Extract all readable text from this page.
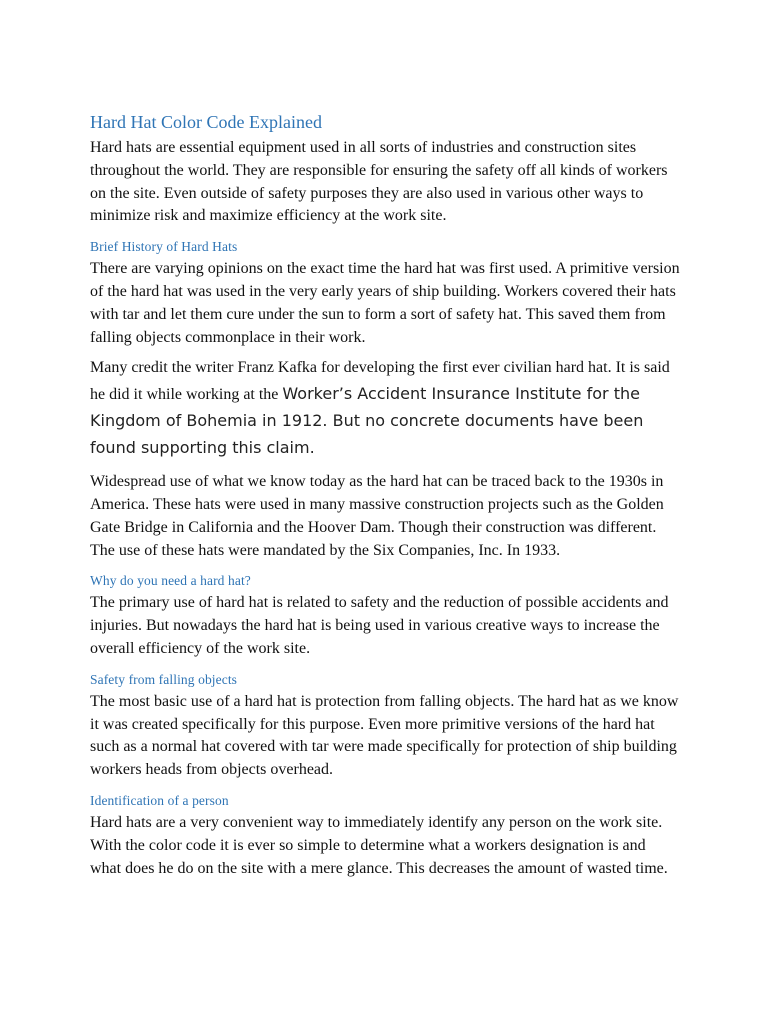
Hard Hat Color Code Explained

Hard hats are essential equipment used in all sorts of industries and construction sites throughout the world. They are responsible for ensuring the safety off all kinds of workers on the site. Even outside of safety purposes they are also used in various other ways to minimize risk and maximize efficiency at the work site.

Brief History of Hard Hats

There are varying opinions on the exact time the hard hat was first used. A primitive version of the hard hat was used in the very early years of ship building. Workers covered their hats with tar and let them cure under the sun to form a sort of safety hat. This saved them from falling objects commonplace in their work.

Many credit the writer Franz Kafka for developing the first ever civilian hard hat. It is said he did it while working at the Worker’s Accident Insurance Institute for the Kingdom of Bohemia in 1912. But no concrete documents have been found supporting this claim.

Widespread use of what we know today as the hard hat can be traced back to the 1930s in America. These hats were used in many massive construction projects such as the Golden Gate Bridge in California and the Hoover Dam. Though their construction was different. The use of these hats were mandated by the Six Companies, Inc. In 1933.

Why do you need a hard hat?

The primary use of hard hat is related to safety and the reduction of possible accidents and injuries. But nowadays the hard hat is being used in various creative ways to increase the overall efficiency of the work site.

Safety from falling objects

The most basic use of a hard hat is protection from falling objects. The hard hat as we know it was created specifically for this purpose. Even more primitive versions of the hard hat such as a normal hat covered with tar were made specifically for protection of ship building workers heads from objects overhead.

Identification of a person

Hard hats are a very convenient way to immediately identify any person on the work site. With the color code it is ever so simple to determine what a workers designation is and what does he do on the site with a mere glance. This decreases the amount of wasted time.
